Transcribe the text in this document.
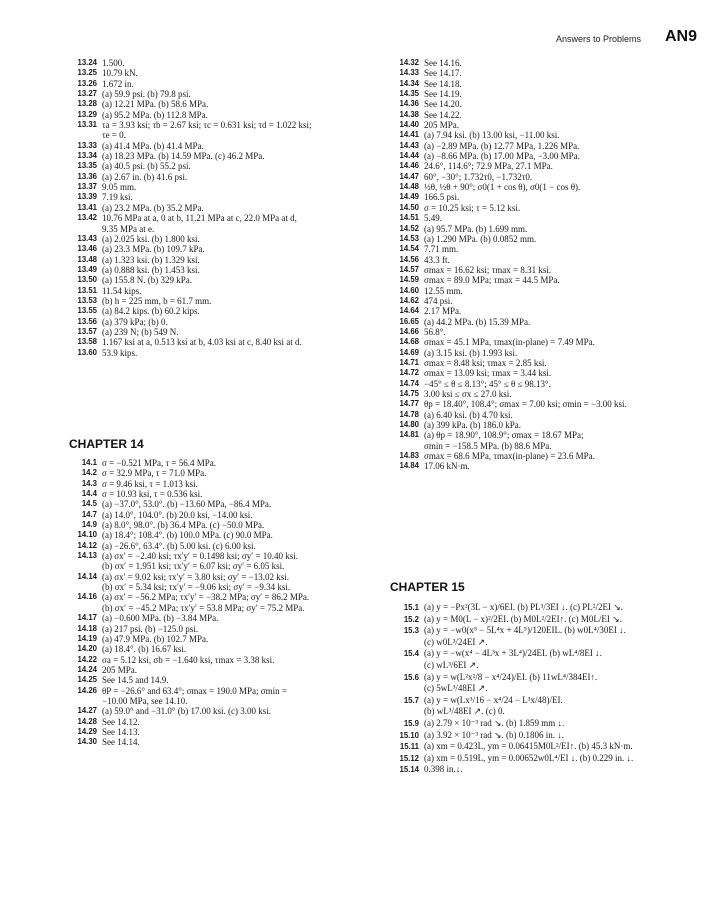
Answers to Problems AN9
13.24 1.500.
13.25 10.79 kN.
13.26 1.672 in.
13.27 (a) 59.9 psi. (b) 79.8 psi.
13.28 (a) 12.21 MPa. (b) 58.6 MPa.
13.29 (a) 95.2 MPa. (b) 112.8 MPa.
13.31 τa = 3.93 ksi; τb = 2.67 ksi; τc = 0.631 ksi; τd = 1.022 ksi;
τe = 0.
13.33 (a) 41.4 MPa. (b) 41.4 MPa.
13.34 (a) 18.23 MPa. (b) 14.59 MPa. (c) 46.2 MPa.
13.35 (a) 40.5 psi. (b) 55.2 psi.
13.36 (a) 2.67 in. (b) 41.6 psi.
13.37 9.05 mm.
13.39 7.19 ksi.
13.41 (a) 23.2 MPa. (b) 35.2 MPa.
13.42 10.76 MPa at a, 0 at b, 11.21 MPa at c, 22.0 MPa at d,
9.35 MPa at e.
13.43 (a) 2.025 ksi. (b) 1.800 ksi.
13.46 (a) 23.3 MPa. (b) 109.7 kPa.
13.48 (a) 1.323 ksi. (b) 1.329 ksi.
13.49 (a) 0.888 ksi. (b) 1.453 ksi.
13.50 (a) 155.8 N. (b) 329 kPa.
13.51 11.54 kips.
13.53 (b) h = 225 mm, b = 61.7 mm.
13.55 (a) 84.2 kips. (b) 60.2 kips.
13.56 (a) 379 kPa; (b) 0.
13.57 (a) 239 N; (b) 549 N.
13.58 1.167 ksi at a, 0.513 ksi at b, 4.03 ksi at c, 8.40 ksi at d.
13.60 53.9 kips.
CHAPTER 14
14.1 σ = −0.521 MPa, τ = 56.4 MPa.
14.2 σ = 32.9 MPa, τ = 71.0 MPa.
14.3 σ = 9.46 ksi, τ = 1.013 ksi.
14.4 σ = 10.93 ksi, τ = 0.536 ksi.
14.5 (a) −37.0°, 53.0°. (b) −13.60 MPa, −86.4 MPa.
14.7 (a) 14.0°, 104.0°. (b) 20.0 ksi, −14.00 ksi.
14.9 (a) 8.0°, 98.0°. (b) 36.4 MPa. (c) −50.0 MPa.
14.10 (a) 18.4°; 108.4°. (b) 100.0 MPa. (c) 90.0 MPa.
14.12 (a) −26.6°, 63.4°. (b) 5.00 ksi. (c) 6.00 ksi.
14.13 (a) σx′ = −2.40 ksi; τx′y′ = 0.1498 ksi; σy′ = 10.40 ksi.
(b) σx′ = 1.951 ksi; τx′y′ = 6.07 ksi; σy′ = 6.05 ksi.
14.14 (a) σx′ = 9.02 ksi; τx′y′ = 3.80 ksi; σy′ = −13.02 ksi.
(b) σx′ = 5.34 ksi; τx′y′ = −9.06 ksi; σy′ = −9.34 ksi.
14.16 (a) σx′ = −56.2 MPa; τx′y′ = −38.2 MPa; σy′ = 86.2 MPa.
(b) σx′ = −45.2 MPa; τx′y′ = 53.8 MPa; σy′ = 75.2 MPa.
14.17 (a) −0.600 MPa. (b) −3.84 MPa.
14.18 (a) 217 psi. (b) −125.0 psi.
14.19 (a) 47.9 MPa. (b) 102.7 MPa.
14.20 (a) 18.4°. (b) 16.67 ksi.
14.22 σa = 5.12 ksi, σb = −1.640 ksi, τmax = 3.38 ksi.
14.24 205 MPa.
14.25 See 14.5 and 14.9.
14.26 θP = −26.6° and 63.4°; σmax = 190.0 MPa; σmin =
−10.00 MPa, see 14.10.
14.27 (a) 59.0° and −31.0° (b) 17.00 ksi. (c) 3.00 ksi.
14.28 See 14.12.
14.29 See 14.13.
14.30 See 14.14.
14.32 See 14.16.
14.33 See 14.17.
14.34 See 14.18.
14.35 See 14.19.
14.36 See 14.20.
14.38 See 14.22.
14.40 205 MPa.
14.41 (a) 7.94 ksi. (b) 13.00 ksi, −11.00 ksi.
14.43 (a) −2.89 MPa. (b) 12.77 MPa, 1.226 MPa.
14.44 (a) −8.66 MPa. (b) 17.00 MPa, −3.00 MPa.
14.46 24.6°, 114.6°; 72.9 MPa, 27.1 MPa.
14.47 60°, −30°; 1.732τ0, −1.732τ0.
14.48 ½θ, ½θ + 90°; σ0(1 + cos θ), σ0(1 − cos θ).
14.49 166.5 psi.
14.50 σ = 10.25 ksi; τ = 5.12 ksi.
14.51 5.49.
14.52 (a) 95.7 MPa. (b) 1.699 mm.
14.53 (a) 1.290 MPa. (b) 0.0852 mm.
14.54 7.71 mm.
14.56 43.3 ft.
14.57 σmax = 16.62 ksi; τmax = 8.31 ksi.
14.59 σmax = 89.0 MPa; τmax = 44.5 MPa.
14.60 12.55 mm.
14.62 474 psi.
14.64 2.17 MPa.
16.65 (a) 44.2 MPa. (b) 15.39 MPa.
14.66 56.8°.
14.68 σmax = 45.1 MPa, τmax(in-plane) = 7.49 MPa.
14.69 (a) 3.15 ksi. (b) 1.993 ksi.
14.71 σmax = 8.48 ksi; τmax = 2.85 ksi.
14.72 σmax = 13.09 ksi; τmax = 3.44 ksi.
14.74 −45° ≤ θ ≤ 8.13°; 45° ≤ θ ≤ 98.13°.
14.75 3.00 ksi ≤ σx ≤ 27.0 ksi.
14.77 θp = 18.40°, 108.4°; σmax = 7.00 ksi; σmin = −3.00 ksi.
14.78 (a) 6.40 ksi. (b) 4.70 ksi.
14.80 (a) 399 kPa. (b) 186.0 kPa.
14.81 (a) θp = 18.90°, 108.9°; σmax = 18.67 MPa;
σmin = −158.5 MPa. (b) 88.6 MPa.
14.83 σmax = 68.6 MPa, τmax(in-plane) = 23.6 MPa.
14.84 17.06 kN·m.
CHAPTER 15
15.1 (a) y = −Px²(3L − x)/6EI. (b) PL³/3EI ↓. (c) PL²/2EI ↘.
15.2 (a) y = M0(L − x)²/2EI. (b) M0L²/2EI↑. (c) M0L/EI ↘.
15.3 (a) y = −w0(x⁵ − 5L⁴x + 4L⁵)/120EIL. (b) w0L⁴/30EI ↓.
(c) w0L³/24EI ↗.
15.4 (a) y = −w(x⁴ − 4L³x + 3L⁴)/24EI. (b) wL⁴/8EI ↓.
(c) wL³/6EI ↗.
15.6 (a) y = w(L²x²/8 − x⁴/24)/EI. (b) 11wL⁴/384EI↑.
(c) 5wL³/48EI ↗.
15.7 (a) y = w(Lx³/16 − x⁴/24 − L³x/48)/EI.
(b) wL³/48EI ↗. (c) 0.
15.9 (a) 2.79 × 10⁻³ rad ↘. (b) 1.859 mm ↓.
15.10 (a) 3.92 × 10⁻³ rad ↘. (b) 0.1806 in. ↓.
15.11 (a) xm = 0.423L, ym = 0.06415M0L²/EI↑. (b) 45.3 kN·m.
15.12 (a) xm = 0.519L, ym = 0.00652w0L⁴/EI ↓. (b) 0.229 in. ↓.
15.14 0.398 in.↓.
